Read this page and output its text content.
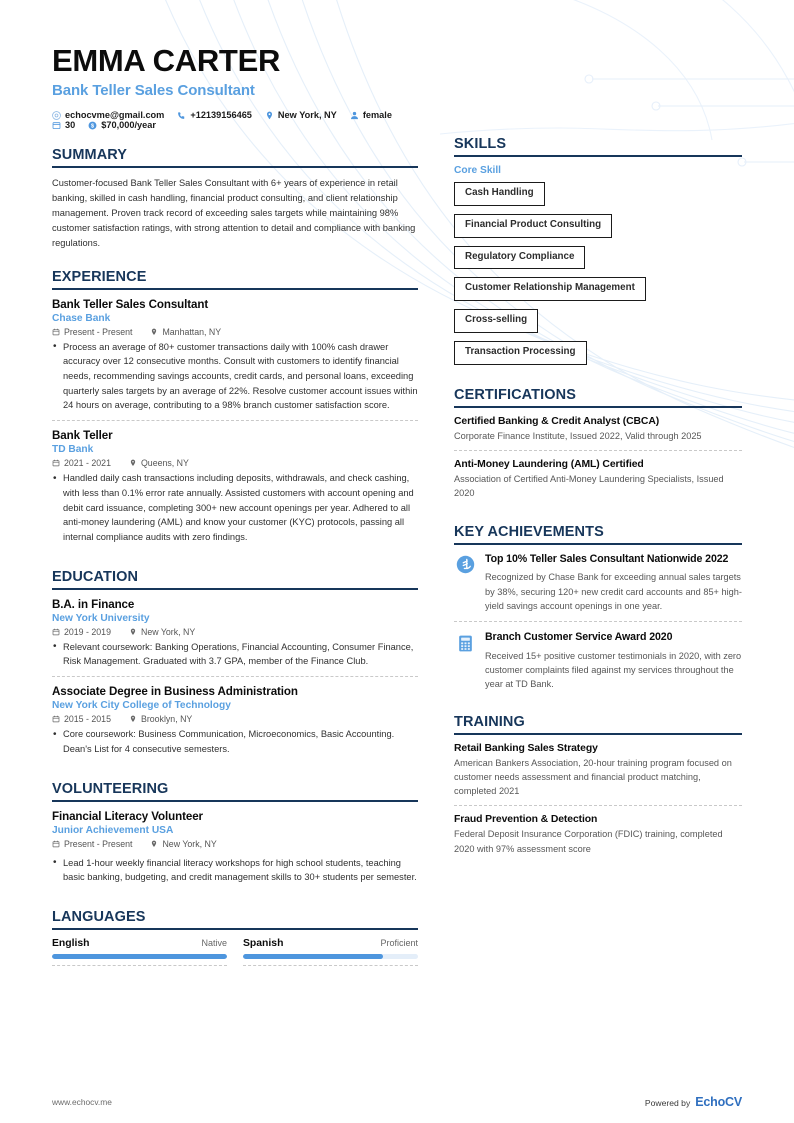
EMMA CARTER
Bank Teller Sales Consultant
echocvme@gmail.com	+12139156465	New York, NY	female
30 $ $70,000/year
SUMMARY
Customer-focused Bank Teller Sales Consultant with 6+ years of experience in retail banking, skilled in cash handling, financial product consulting, and client relationship management. Proven track record of exceeding sales targets while maintaining 98% customer satisfaction ratings, with strong attention to detail and compliance with banking regulations.
EXPERIENCE
Bank Teller Sales Consultant
Chase Bank
Present - Present	Manhattan, NY
• Process an average of 80+ customer transactions daily with 100% cash drawer accuracy over 12 consecutive months. Consult with customers to identify financial needs, recommending savings accounts, credit cards, and personal loans, exceeding quarterly sales targets by an average of 22%. Resolve customer account issues within 24 hours on average, contributing to a 98% branch customer satisfaction score.
Bank Teller
TD Bank
2021 - 2021	Queens, NY
• Handled daily cash transactions including deposits, withdrawals, and check cashing, with less than 0.1% error rate annually. Assisted customers with account opening and debit card issuance, completing 300+ new account openings per year. Adhered to all anti-money laundering (AML) and know your customer (KYC) protocols, passing all internal compliance audits with zero findings.
EDUCATION
B.A. in Finance
New York University
2019 - 2019	New York, NY
• Relevant coursework: Banking Operations, Financial Accounting, Consumer Finance, Risk Management. Graduated with 3.7 GPA, member of the Finance Club.
Associate Degree in Business Administration
New York City College of Technology
2015 - 2015	Brooklyn, NY
• Core coursework: Business Communication, Microeconomics, Basic Accounting. Dean's List for 4 consecutive semesters.
VOLUNTEERING
Financial Literacy Volunteer
Junior Achievement USA
Present - Present	New York, NY
• Lead 1-hour weekly financial literacy workshops for high school students, teaching basic banking, budgeting, and credit management skills to 30+ students per semester.
LANGUAGES
English	Native Spanish	Proficient
SKILLS
Core Skill
Cash Handling
Financial Product Consulting
Regulatory Compliance
Customer Relationship Management
Cross-selling
Transaction Processing
CERTIFICATIONS
Certified Banking & Credit Analyst (CBCA)
Corporate Finance Institute, Issued 2022, Valid through 2025
Anti-Money Laundering (AML) Certified
Association of Certified Anti-Money Laundering Specialists, Issued 2020
KEY ACHIEVEMENTS
Top 10% Teller Sales Consultant Nationwide 2022
Recognized by Chase Bank for exceeding annual sales targets by 38%, securing 120+ new credit card accounts and 85+ high-yield savings account openings in one year.
Branch Customer Service Award 2020
Received 15+ positive customer testimonials in 2020, with zero customer complaints filed against my services throughout the year at TD Bank.
TRAINING
Retail Banking Sales Strategy
American Bankers Association, 20-hour training program focused on customer needs assessment and financial product matching, completed 2021
Fraud Prevention & Detection
Federal Deposit Insurance Corporation (FDIC) training, completed 2020 with 97% assessment score
www.echocv.me	Powered by EchoCV
